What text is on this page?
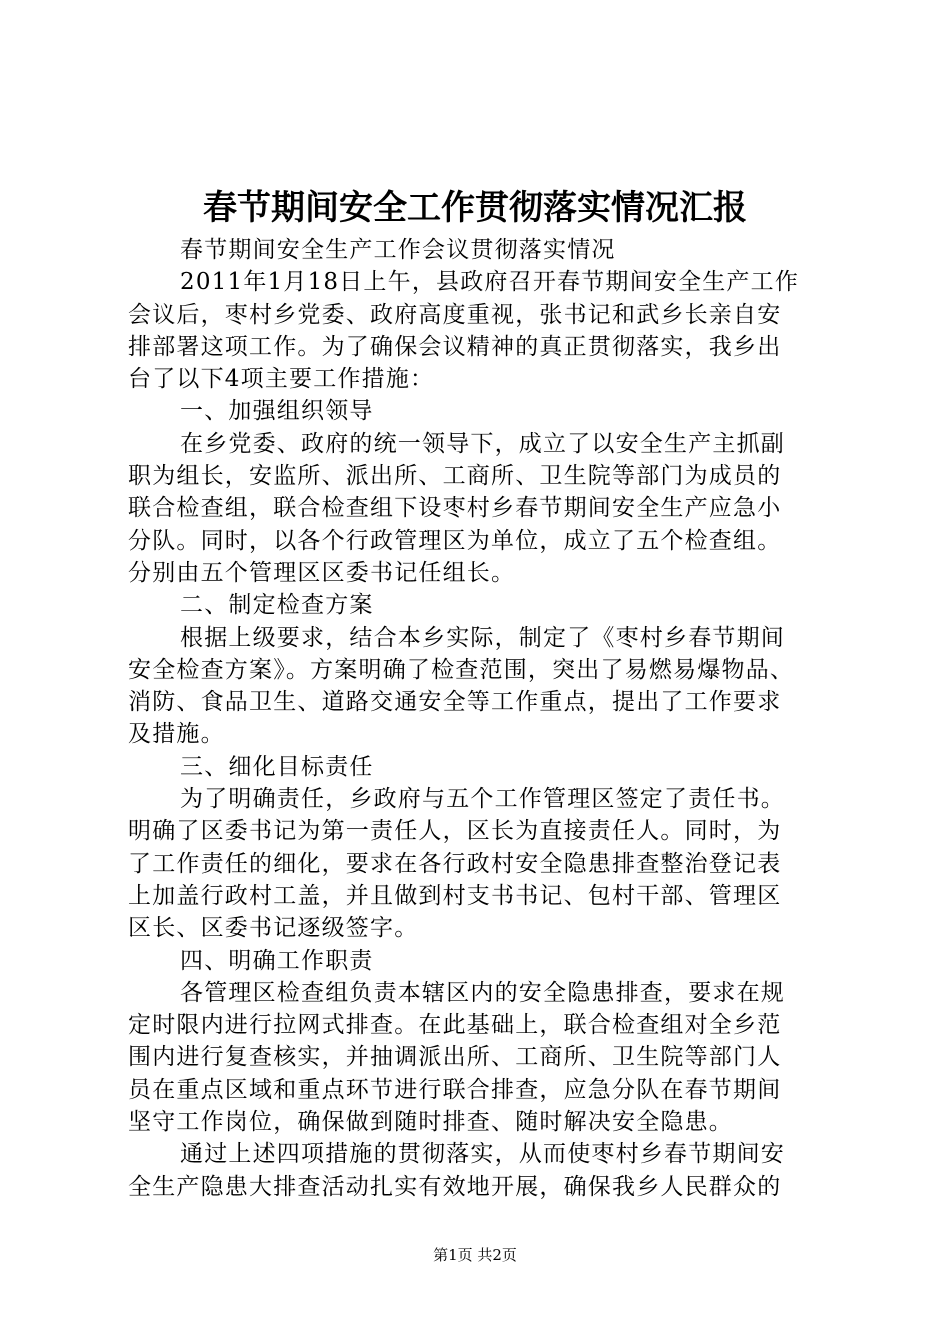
春节期间安全工作贯彻落实情况汇报
春节期间安全生产工作会议贯彻落实情况
2011年1月18日上午，县政府召开春节期间安全生产工作
会议后，枣村乡党委、政府高度重视，张书记和武乡长亲自安
排部署这项工作。为了确保会议精神的真正贯彻落实，我乡出
台了以下4项主要工作措施：
一、加强组织领导
在乡党委、政府的统一领导下，成立了以安全生产主抓副
职为组长，安监所、派出所、工商所、卫生院等部门为成员的
联合检查组，联合检查组下设枣村乡春节期间安全生产应急小
分队。同时，以各个行政管理区为单位，成立了五个检查组。
分别由五个管理区区委书记任组长。
二、制定检查方案
根据上级要求，结合本乡实际，制定了《枣村乡春节期间
安全检查方案》。方案明确了检查范围，突出了易燃易爆物品、
消防、食品卫生、道路交通安全等工作重点，提出了工作要求
及措施。
三、细化目标责任
为了明确责任，乡政府与五个工作管理区签定了责任书。
明确了区委书记为第一责任人，区长为直接责任人。同时，为
了工作责任的细化，要求在各行政村安全隐患排查整治登记表
上加盖行政村工盖，并且做到村支书书记、包村干部、管理区
区长、区委书记逐级签字。
四、明确工作职责
各管理区检查组负责本辖区内的安全隐患排查，要求在规
定时限内进行拉网式排查。在此基础上，联合检查组对全乡范
围内进行复查核实，并抽调派出所、工商所、卫生院等部门人
员在重点区域和重点环节进行联合排查，应急分队在春节期间
坚守工作岗位，确保做到随时排查、随时解决安全隐患。
通过上述四项措施的贯彻落实，从而使枣村乡春节期间安
全生产隐患大排查活动扎实有效地开展，确保我乡人民群众的
第1页 共2页
